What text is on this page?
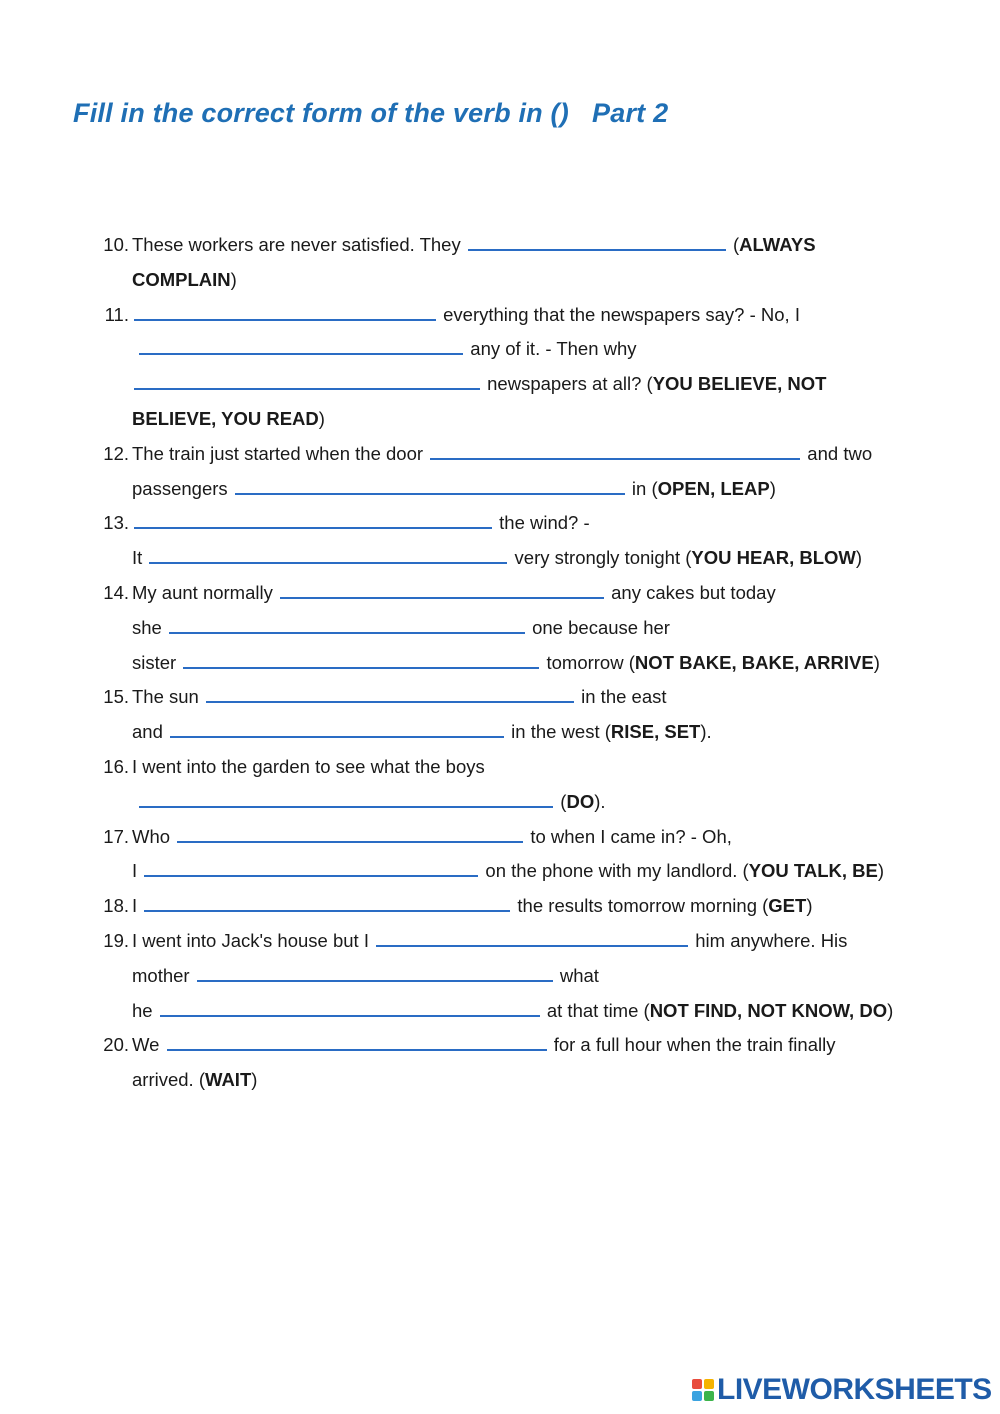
Fill in the correct form of the verb in ()   Part 2
10. These workers are never satisfied. They	(ALWAYS
COMPLAIN)
11.	everything that the newspapers say? - No, I
any of it. - Then why
newspapers at all? (YOU BELIEVE, NOT
BELIEVE, YOU READ)
12. The train just started when the door	and two
passengers	in (OPEN, LEAP)
13.	the wind? -
It	very strongly tonight (YOU HEAR, BLOW)
14. My aunt normally	any cakes but today
she	one because her
sister	tomorrow (NOT BAKE, BAKE, ARRIVE)
15. The sun	in the east
and	in the west (RISE, SET).
16. I went into the garden to see what the boys
(DO).
17. Who	to when I came in? - Oh,
I	on the phone with my landlord. (YOU TALK, BE)
18. I	the results tomorrow morning (GET)
19. I went into Jack's house but I	him anywhere. His
mother	what
he	at that time (NOT FIND, NOT KNOW, DO)
20. We	for a full hour when the train finally
arrived. (WAIT)
LIVEWORKSHEETS
